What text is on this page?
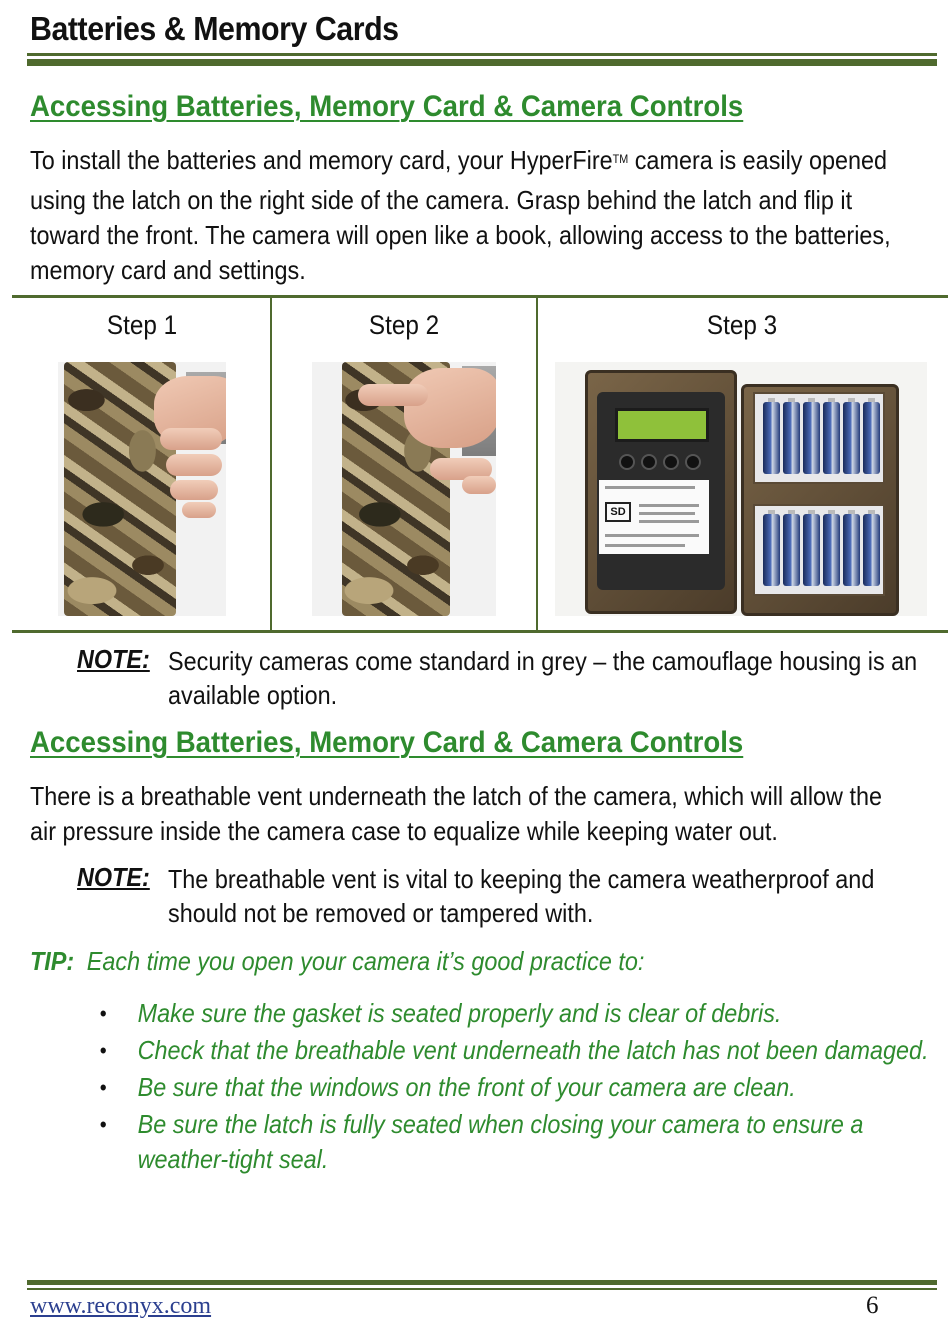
Batteries & Memory Cards
Accessing Batteries, Memory Card & Camera Controls
To install the batteries and memory card, your HyperFire™ camera is easily opened using the latch on the right side of the camera. Grasp behind the latch and flip it toward the front. The camera will open like a book, allowing access to the batteries, memory card and settings.
Step 1	Step 2	Step 3
SD
NOTE: Security cameras come standard in grey – the camouflage housing is an available option.
Accessing Batteries, Memory Card & Camera Controls
There is a breathable vent underneath the latch of the camera, which will allow the air pressure inside the camera case to equalize while keeping water out.
NOTE: The breathable vent is vital to keeping the camera weatherproof and should not be removed or tampered with.
TIP: Each time you open your camera it’s good practice to:
• Make sure the gasket is seated properly and is clear of debris.
• Check that the breathable vent underneath the latch has not been damaged.
• Be sure that the windows on the front of your camera are clean.
• Be sure the latch is fully seated when closing your camera to ensure a weather-tight seal.
www.reconyx.com	6
